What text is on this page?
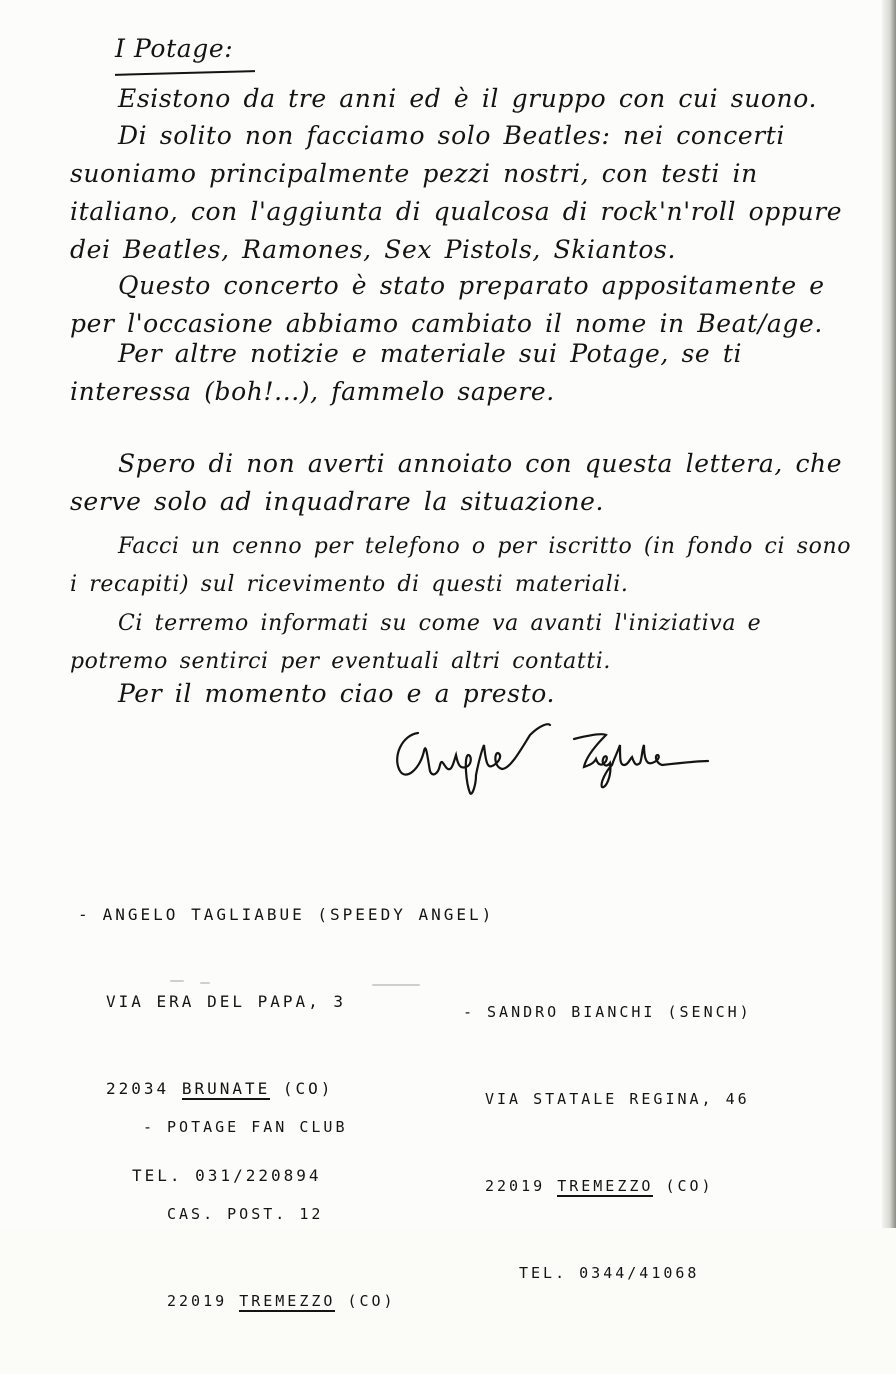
I Potage:
Esistono da tre anni ed è il gruppo con cui suono.
Di solito non facciamo solo Beatles: nei concerti suoniamo principalmente pezzi nostri, con testi in italiano, con l'aggiunta di qualcosa di rock'n'roll oppure dei Beatles, Ramones, Sex Pistols, Skiantos.
Questo concerto è stato preparato appositamente e per l'occasione abbiamo cambiato il nome in Beat/age.
Per altre notizie e materiale sui Potage, se ti interessa (boh!...), fammelo sapere.
Spero di non averti annoiato con questa lettera, che serve solo ad inquadrare la situazione.
Facci un cenno per telefono o per iscritto (in fondo ci sono i recapiti) sul ricevimento di questi materiali.
Ci terremo informati su come va avanti l'iniziativa e potremo sentirci per eventuali altri contatti.
Per il momento ciao e a presto.

- ANGELO TAGLIABUE (SPEEDY ANGEL)

VIA ERA DEL PAPA, 3

22034 BRUNATE (CO)

TEL. 031/220894

- SANDRO BIANCHI (SENCH)

VIA STATALE REGINA, 46

22019 TREMEZZO (CO)

TEL. 0344/41068

- POTAGE FAN CLUB

CAS. POST. 12

22019 TREMEZZO (CO)
